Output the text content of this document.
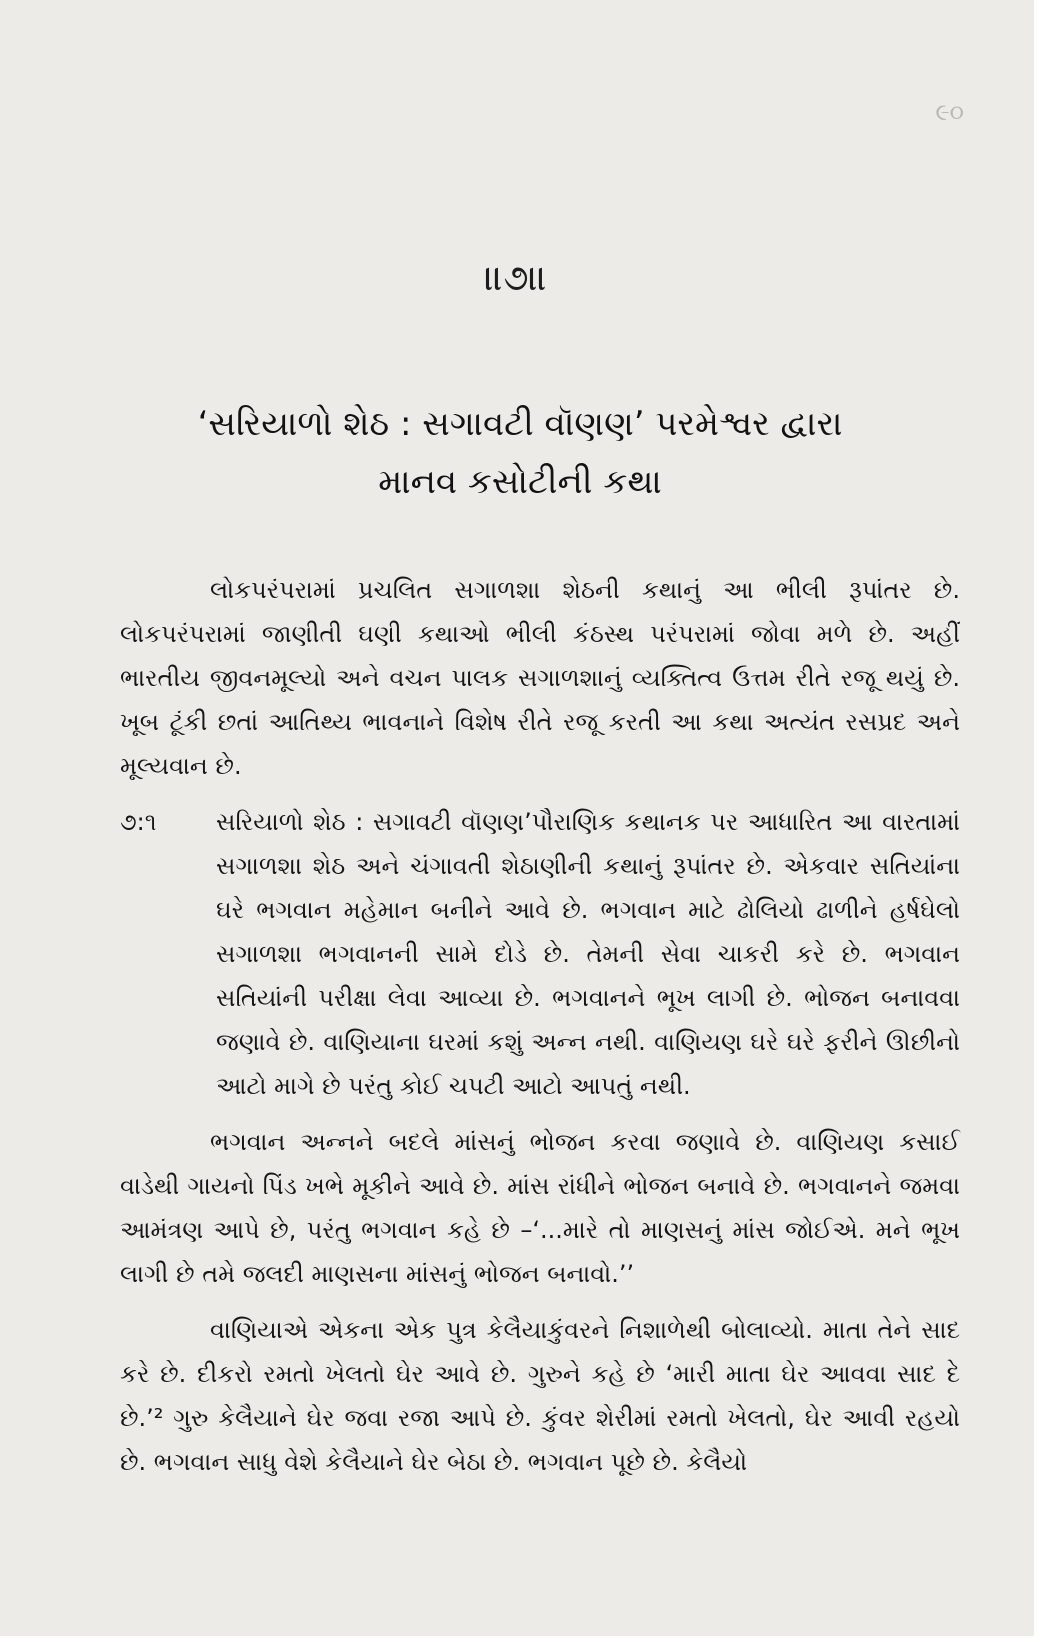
૯૦
॥૭॥
‘સરિયાળો શેઠ : સગાવટી વૉણણ’ પરમેશ્વર દ્વારા
માનવ કસોટીની કથા

લોકપરંપરામાં પ્રચલિત સગાળશા શેઠની કથાનું આ ભીલી રૂપાંતર છે. લોકપરંપરામાં જાણીતી ઘણી કથાઓ ભીલી કંઠસ્થ પરંપરામાં જોવા મળે છે. અહીં ભારતીય જીવનમૂલ્યો અને વચન પાલક સગાળશાનું વ્યક્તિત્વ ઉત્તમ રીતે રજૂ થયું છે. ખૂબ ટૂંકી છતાં આતિથ્ય ભાવનાને વિશેષ રીતે રજૂ કરતી આ કથા અત્યંત રસપ્રદ અને મૂલ્યવાન છે.

૭:૧	સરિયાળો શેઠ : સગાવટી વૉણણ’પૌરાણિક કથાનક પર આધારિત આ વારતામાં સગાળશા શેઠ અને ચંગાવતી શેઠાણીની કથાનું રૂપાંતર છે. એકવાર સતિયાંના ઘરે ભગવાન મહેમાન બનીને આવે છે. ભગવાન માટે ઢોલિયો ઢાળીને હર્ષઘેલો સગાળશા ભગવાનની સામે દોડે છે. તેમની સેવા ચાકરી કરે છે. ભગવાન સતિયાંની પરીક્ષા લેવા આવ્યા છે. ભગવાનને ભૂખ લાગી છે. ભોજન બનાવવા જણાવે છે. વાણિયાના ઘરમાં કશું અન્ન નથી. વાણિયણ ઘરે ઘરે ફરીને ઊછીનો આટો માગે છે પરંતુ કોઈ ચપટી આટો આપતું નથી.

ભગવાન અન્નને બદલે માંસનું ભોજન કરવા જણાવે છે. વાણિયણ કસાઈ વાડેથી ગાયનો પિંડ ખભે મૂકીને આવે છે. માંસ રાંધીને ભોજન બનાવે છે. ભગવાનને જમવા આમંત્રણ આપે છે, પરંતુ ભગવાન કહે છે –‘...મારે તો માણસનું માંસ જોઈએ. મને ભૂખ લાગી છે તમે જલદી માણસના માંસનું ભોજન બનાવો.’’

વાણિયાએ એકના એક પુત્ર કેલૈયાકુંવરને નિશાળેથી બોલાવ્યો. માતા તેને સાદ કરે છે. દીકરો રમતો ખેલતો ઘેર આવે છે. ગુરુને કહે છે ‘મારી માતા ઘેર આવવા સાદ દે છે.’² ગુરુ કેલૈયાને ઘેર જવા રજા આપે છે. કુંવર શેરીમાં રમતો ખેલતો, ઘેર આવી રહયો છે. ભગવાન સાધુ વેશે કેલૈયાને ઘેર બેઠા છે. ભગવાન પૂછે છે. કેલૈયો
